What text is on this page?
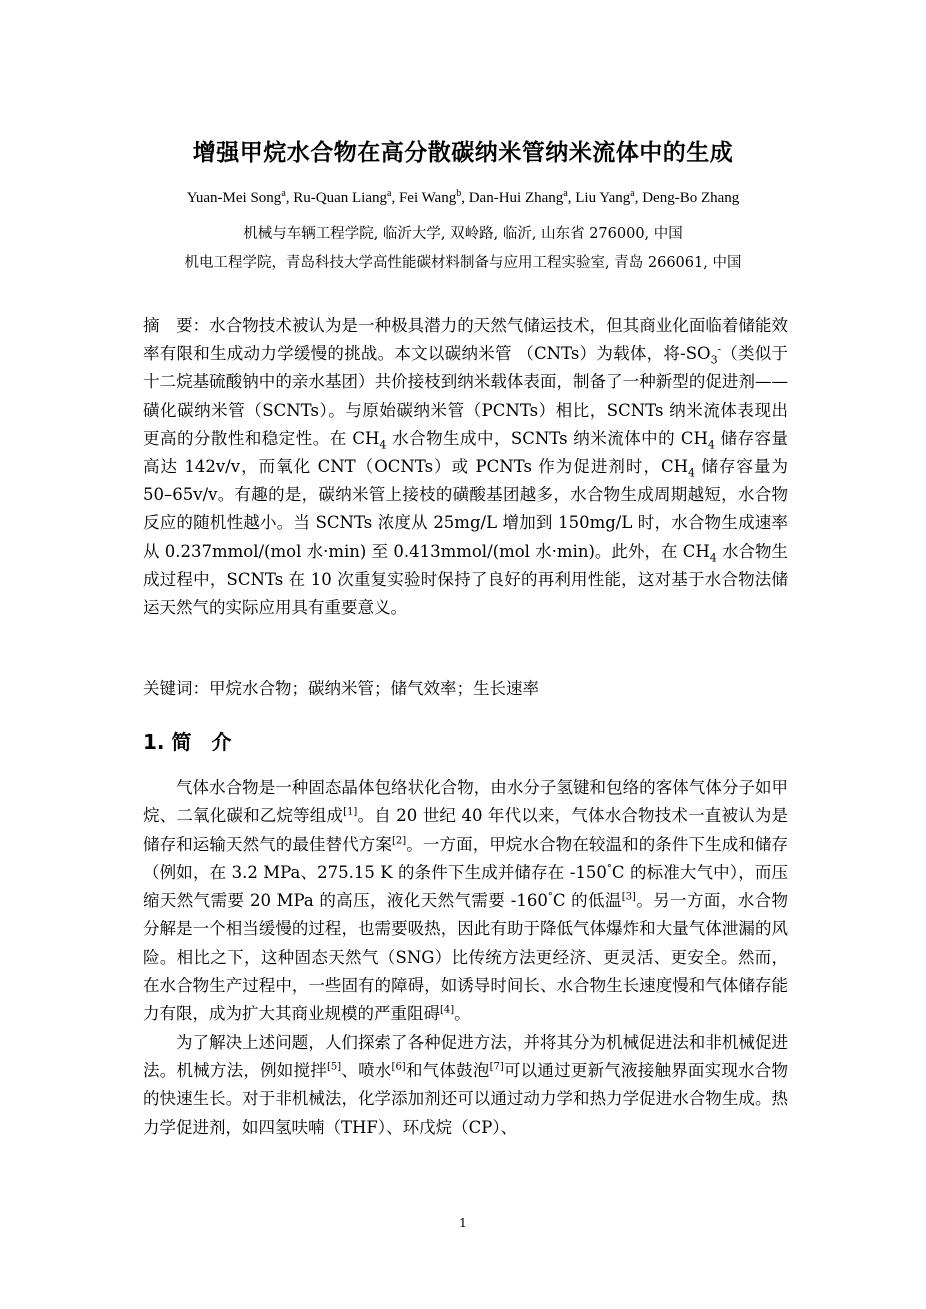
增强甲烷水合物在高分散碳纳米管纳米流体中的生成
Yuan-Mei Song$^a$, Ru-Quan Liang$^a$, Fei Wang$^b$, Dan-Hui Zhang$^a$, Liu Yang$^a$, Deng-Bo Zhang
机械与车辆工程学院, 临沂大学, 双岭路, 临沂, 山东省 276000, 中国
机电工程学院，青岛科技大学高性能碳材料制备与应用工程实验室, 青岛 266061, 中国
摘　要：水合物技术被认为是一种极具潜力的天然气储运技术，但其商业化面临着储能效率有限和生成动力学缓慢的挑战。本文以碳纳米管 （CNTs）为载体，将$-SO_3^-$（类似于十二烷基硫酸钠中的亲水基团）共价接枝到纳米载体表面，制备了一种新型的促进剂——磺化碳纳米管（SCNTs）。与原始碳纳米管（PCNTs）相比，SCNTs 纳米流体表现出更高的分散性和稳定性。在 $CH_4$ 水合物生成中，SCNTs 纳米流体中的 $CH_4$ 储存容量高达 142v/v，而氧化 CNT（OCNTs）或 PCNTs 作为促进剂时，$CH_4$ 储存容量为 50–65v/v。有趣的是，碳纳米管上接枝的磺酸基团越多，水合物生成周期越短，水合物反应的随机性越小。当 SCNTs 浓度从 25mg/L 增加到 150mg/L 时，水合物生成速率从 0.237mmol/(mol 水·min) 至 0.413mmol/(mol 水·min)。此外，在 $CH_4$ 水合物生成过程中，SCNTs 在 10 次重复实验时保持了良好的再利用性能，这对基于水合物法储运天然气的实际应用具有重要意义。
关键词：甲烷水合物；碳纳米管；储气效率；生长速率
1. 简　介

气体水合物是一种固态晶体包络状化合物，由水分子氢键和包络的客体气体分子如甲烷、二氧化碳和乙烷等组成[1]。自 20 世纪 40 年代以来，气体水合物技术一直被认为是储存和运输天然气的最佳替代方案[2]。一方面，甲烷水合物在较温和的条件下生成和储存（例如，在 3.2 MPa、275.15 K 的条件下生成并储存在 -150°C 的标准大气中），而压缩天然气需要 20 MPa 的高压，液化天然气需要 -160°C 的低温[3]。另一方面，水合物分解是一个相当缓慢的过程，也需要吸热，因此有助于降低气体爆炸和大量气体泄漏的风险。相比之下，这种固态天然气（SNG）比传统方法更经济、更灵活、更安全。然而，在水合物生产过程中，一些固有的障碍，如诱导时间长、水合物生长速度慢和气体储存能力有限，成为扩大其商业规模的严重阻碍[4]。

为了解决上述问题，人们探索了各种促进方法，并将其分为机械促进法和非机械促进法。机械方法，例如搅拌[5]、喷水[6]和气体鼓泡[7]可以通过更新气液接触界面实现水合物的快速生长。对于非机械法，化学添加剂还可以通过动力学和热力学促进水合物生成。热力学促进剂，如四氢呋喃（THF）、环戊烷（CP）、

1
